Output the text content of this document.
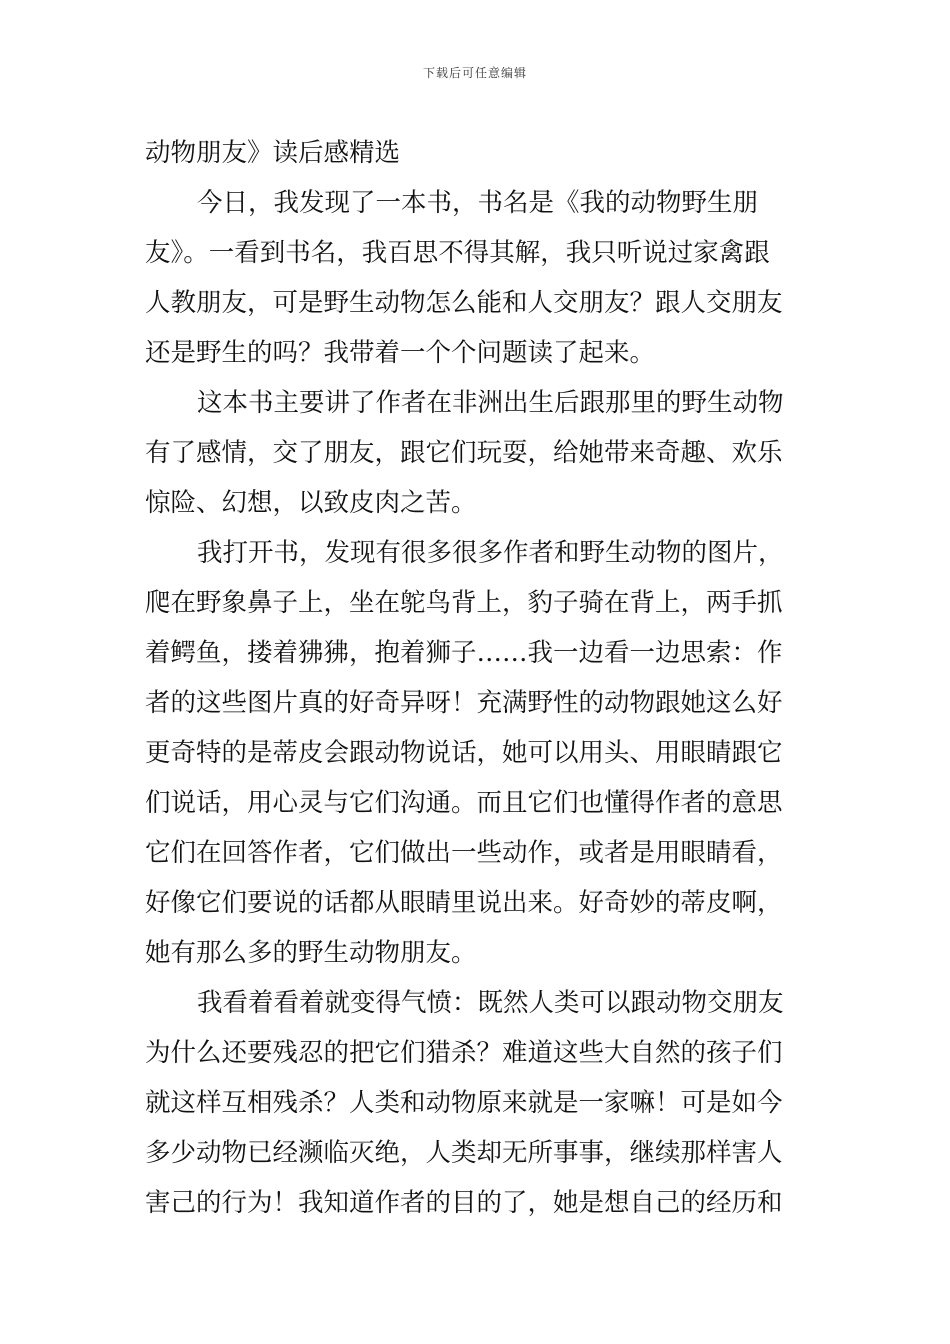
下载后可任意编辑
动物朋友》读后感精选
今日，我发现了一本书，书名是《我的动物野生朋
友》。一看到书名，我百思不得其解，我只听说过家禽跟
人教朋友，可是野生动物怎么能和人交朋友？跟人交朋友
还是野生的吗？我带着一个个问题读了起来。
这本书主要讲了作者在非洲出生后跟那里的野生动物
有了感情，交了朋友，跟它们玩耍，给她带来奇趣、欢乐
惊险、幻想，以致皮肉之苦。
我打开书，发现有很多很多作者和野生动物的图片，
爬在野象鼻子上，坐在鸵鸟背上，豹子骑在背上，两手抓
着鳄鱼，搂着狒狒，抱着狮子……我一边看一边思索：作
者的这些图片真的好奇异呀！充满野性的动物跟她这么好
更奇特的是蒂皮会跟动物说话，她可以用头、用眼睛跟它
们说话，用心灵与它们沟通。而且它们也懂得作者的意思
它们在回答作者，它们做出一些动作，或者是用眼睛看，
好像它们要说的话都从眼睛里说出来。好奇妙的蒂皮啊，
她有那么多的野生动物朋友。
我看着看着就变得气愤：既然人类可以跟动物交朋友
为什么还要残忍的把它们猎杀？难道这些大自然的孩子们
就这样互相残杀？人类和动物原来就是一家嘛！可是如今
多少动物已经濒临灭绝，人类却无所事事，继续那样害人
害己的行为！我知道作者的目的了，她是想自己的经历和
